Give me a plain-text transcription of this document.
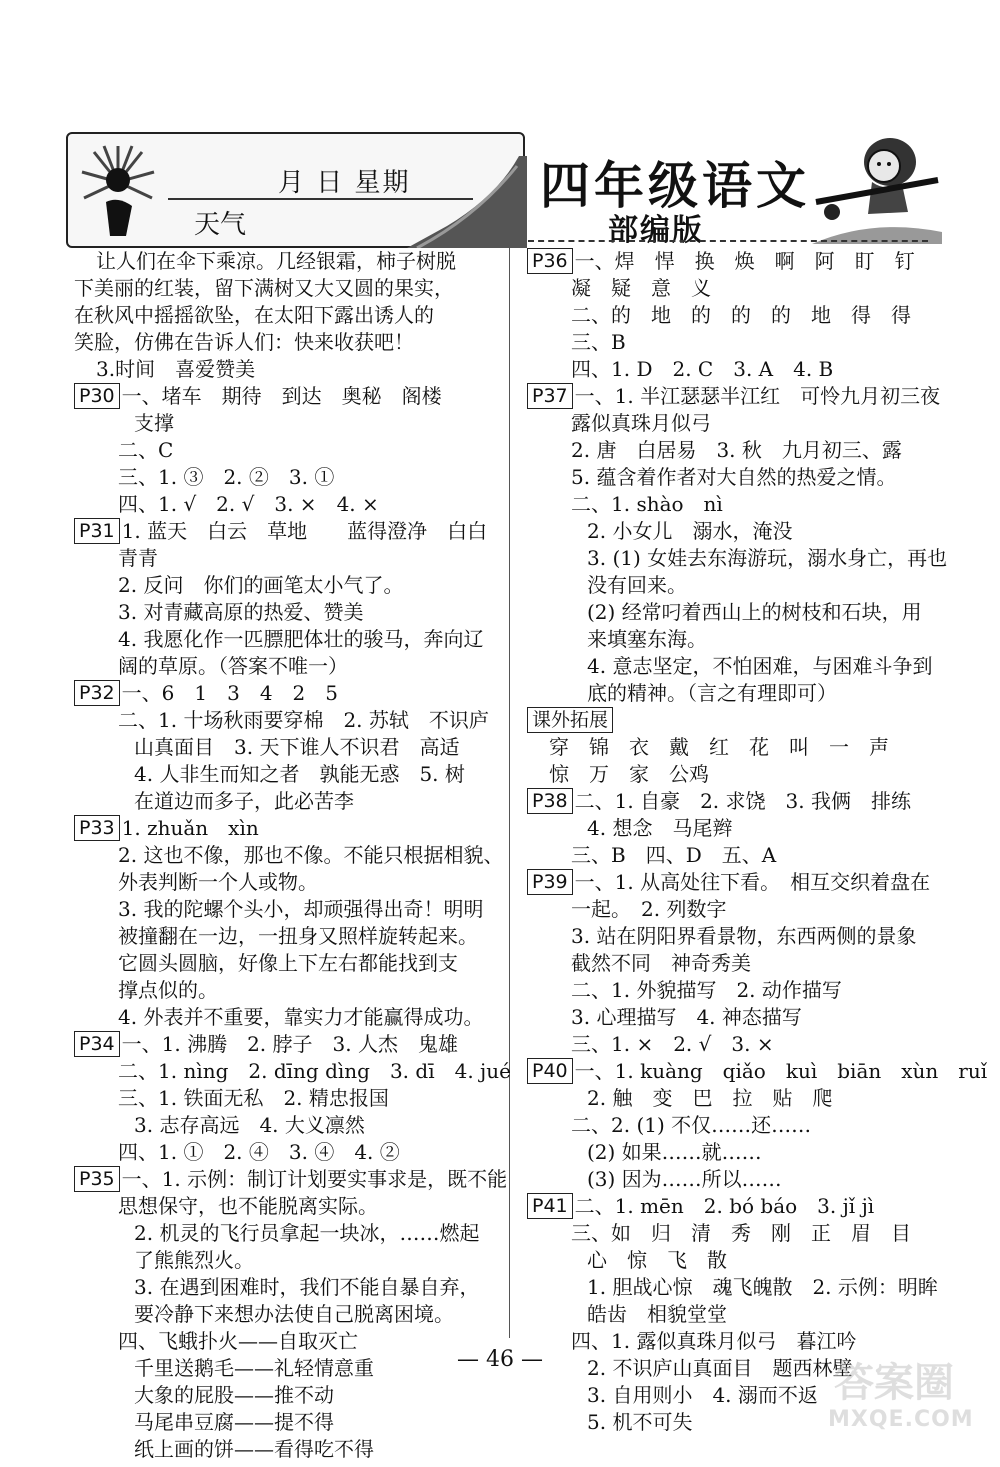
月 日 星期
天气
四年级语文
部编版
让人们在伞下乘凉。几经银霜，柿子树脱
下美丽的红装，留下满树又大又圆的果实，
在秋风中摇摇欲坠，在太阳下露出诱人的
笑脸，仿佛在告诉人们：快来收获吧！
3.时间　喜爱赞美
P30 一、堵车　期待　到达　奥秘　阁楼
支撑
二、C
三、1. ③　2. ②　3. ①
四、1. √　2. √　3. ×　4. ×
P31 1. 蓝天　白云　草地　　蓝得澄净　白白
青青
2. 反问　你们的画笔太小气了。
3. 对青藏高原的热爱、赞美
4. 我愿化作一匹膘肥体壮的骏马，奔向辽
阔的草原。（答案不唯一）
P32 一、6　1　3　4　2　5
二、1. 十场秋雨要穿棉　2. 苏轼　不识庐
山真面目　3. 天下谁人不识君　高适
4. 人非生而知之者　孰能无惑　5. 树
在道边而多子，此必苦李
P33 1. zhuǎn　xìn
2. 这也不像，那也不像。不能只根据相貌、
外表判断一个人或物。
3. 我的陀螺个头小，却顽强得出奇！明明
被撞翻在一边，一扭身又照样旋转起来。
它圆头圆脑，好像上下左右都能找到支
撑点似的。
4. 外表并不重要，靠实力才能赢得成功。
P34 一、1. 沸腾　2. 脖子　3. 人杰　鬼雄
二、1. nìng　2. dīng dìng　3. dī　4. jué
三、1. 铁面无私　2. 精忠报国
3. 志存高远　4. 大义凛然
四、1. ①　2. ④　3. ④　4. ②
P35 一、1. 示例：制订计划要实事求是，既不能
思想保守，也不能脱离实际。
2. 机灵的飞行员拿起一块冰，……燃起
了熊熊烈火。
3. 在遇到困难时，我们不能自暴自弃，
要冷静下来想办法使自己脱离困境。
四、飞蛾扑火——自取灭亡
千里送鹅毛——礼轻情意重
大象的屁股——推不动
马尾串豆腐——提不得
纸上画的饼——看得吃不得
P36 一、焊　悍　换　焕　啊　阿　盯　钉
凝　疑　意　义
二、的　地　的　的　的　地　得　得
三、B
四、1. D　2. C　3. A　4. B
P37 一、1. 半江瑟瑟半江红　可怜九月初三夜
露似真珠月似弓
2. 唐　白居易　3. 秋　九月初三、露
5. 蕴含着作者对大自然的热爱之情。
二、1. shào　nì
2. 小女儿　溺水，淹没
3. (1) 女娃去东海游玩，溺水身亡，再也
没有回来。
(2) 经常叼着西山上的树枝和石块，用
来填塞东海。
4. 意志坚定，不怕困难，与困难斗争到
底的精神。（言之有理即可）
课外拓展
穿　锦　衣　戴　红　花　叫　一　声
惊　万　家　公鸡
P38 二、1. 自豪　2. 求饶　3. 我俩　排练
4. 想念　马尾辫
三、B　四、D　五、A
P39 一、1. 从高处往下看。　相互交织着盘在
一起。　2. 列数字
3. 站在阴阳界看景物，东西两侧的景象
截然不同　神奇秀美
二、1. 外貌描写　2. 动作描写
3. 心理描写　4. 神态描写
三、1. ×　2. √　3. ×
P40 一、1. kuàng　qiǎo　kuì　biān　xùn　ruǐ
2. 触　变　巴　拉　贴　爬
二、2. (1) 不仅……还……
(2) 如果……就……
(3) 因为……所以……
P41 二、1. mēn　2. bó báo　3. jǐ jì
三、如　归　清　秀　刚　正　眉　目
心　惊　飞　散
1. 胆战心惊　魂飞魄散　2. 示例：明眸
皓齿　相貌堂堂
四、1. 露似真珠月似弓　暮江吟
2. 不识庐山真面目　题西林壁
3. 自用则小　4. 溺而不返
5. 机不可失
— 46 —
答案圈
MXQE.COM
